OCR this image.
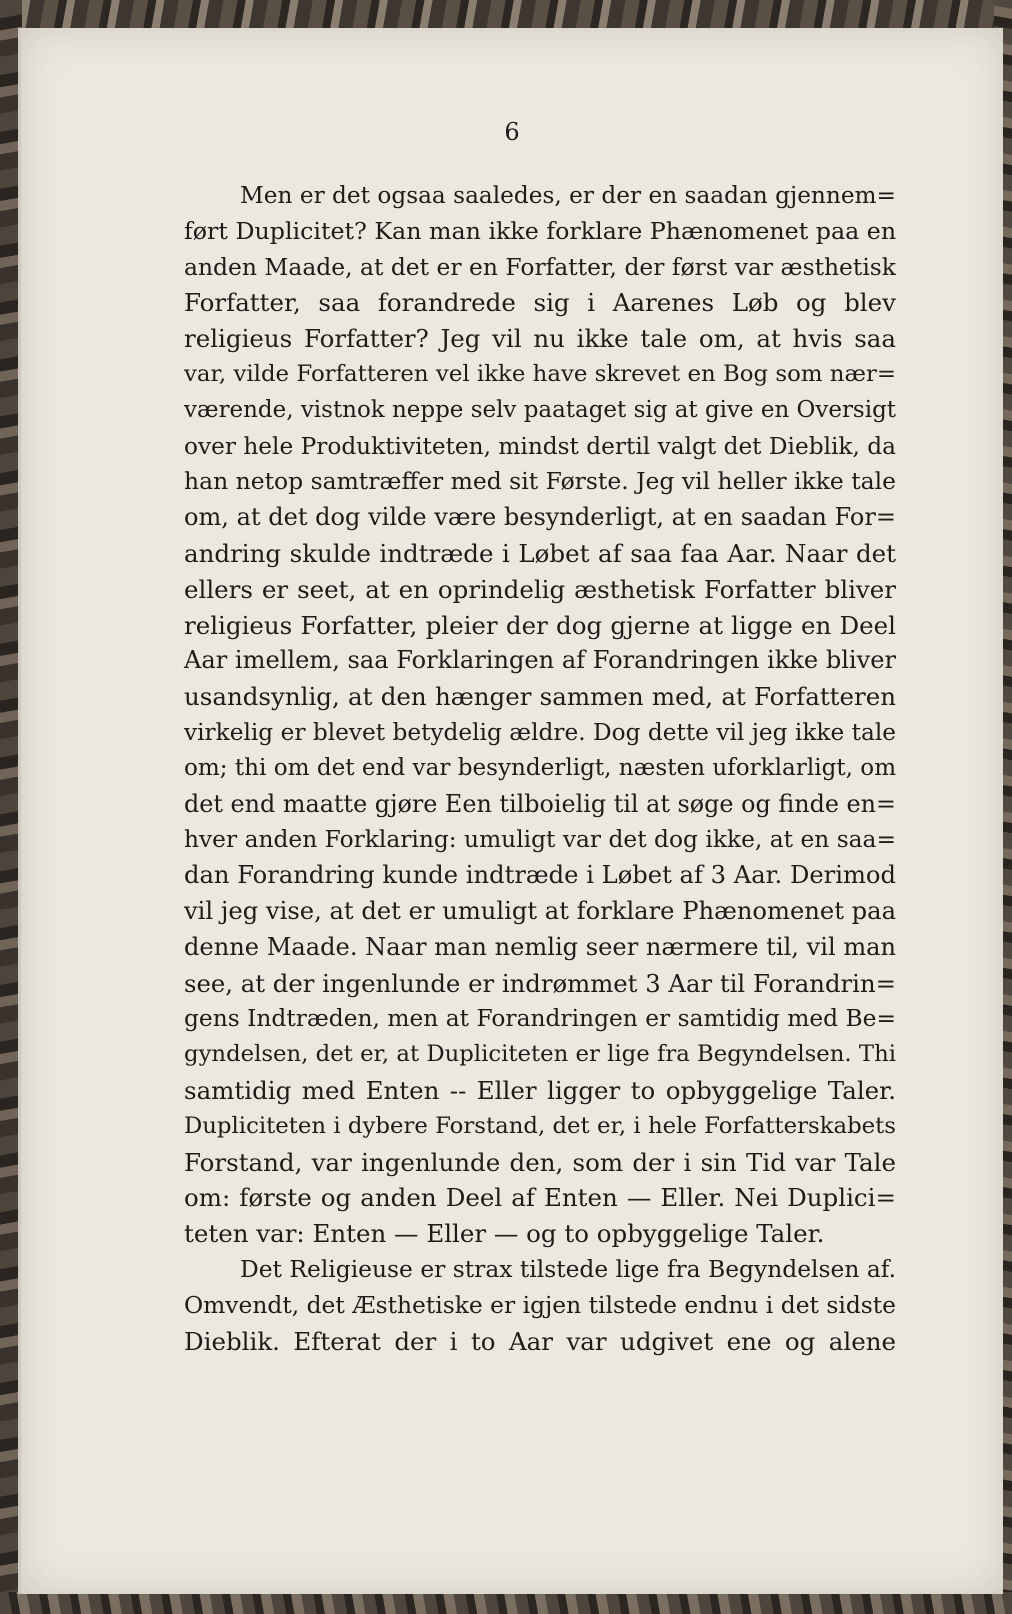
6
Men er det ogsaa saaledes, er der en saadan gjennem=
ført Duplicitet? Kan man ikke forklare Phænomenet paa en
anden Maade, at det er en Forfatter, der først var æsthetisk
Forfatter, saa forandrede sig i Aarenes Løb og blev
religieus Forfatter? Jeg vil nu ikke tale om, at hvis saa
var, vilde Forfatteren vel ikke have skrevet en Bog som nær=
værende, vistnok neppe selv paataget sig at give en Oversigt
over hele Produktiviteten, mindst dertil valgt det Dieblik, da
han netop samtræffer med sit Første. Jeg vil heller ikke tale
om, at det dog vilde være besynderligt, at en saadan For=
andring skulde indtræde i Løbet af saa faa Aar. Naar det
ellers er seet, at en oprindelig æsthetisk Forfatter bliver
religieus Forfatter, pleier der dog gjerne at ligge en Deel
Aar imellem, saa Forklaringen af Forandringen ikke bliver
usandsynlig, at den hænger sammen med, at Forfatteren
virkelig er blevet betydelig ældre. Dog dette vil jeg ikke tale
om; thi om det end var besynderligt, næsten uforklarligt, om
det end maatte gjøre Een tilboielig til at søge og finde en=
hver anden Forklaring: umuligt var det dog ikke, at en saa=
dan Forandring kunde indtræde i Løbet af 3 Aar. Derimod
vil jeg vise, at det er umuligt at forklare Phænomenet paa
denne Maade. Naar man nemlig seer nærmere til, vil man
see, at der ingenlunde er indrømmet 3 Aar til Forandrin=
gens Indtræden, men at Forandringen er samtidig med Be=
gyndelsen, det er, at Dupliciteten er lige fra Begyndelsen. Thi
samtidig med Enten -- Eller ligger to opbyggelige Taler.
Dupliciteten i dybere Forstand, det er, i hele Forfatterskabets
Forstand, var ingenlunde den, som der i sin Tid var Tale
om: første og anden Deel af Enten — Eller. Nei Duplici=
teten var: Enten — Eller — og to opbyggelige Taler.
Det Religieuse er strax tilstede lige fra Begyndelsen af.
Omvendt, det Æsthetiske er igjen tilstede endnu i det sidste
Dieblik. Efterat der i to Aar var udgivet ene og alene
